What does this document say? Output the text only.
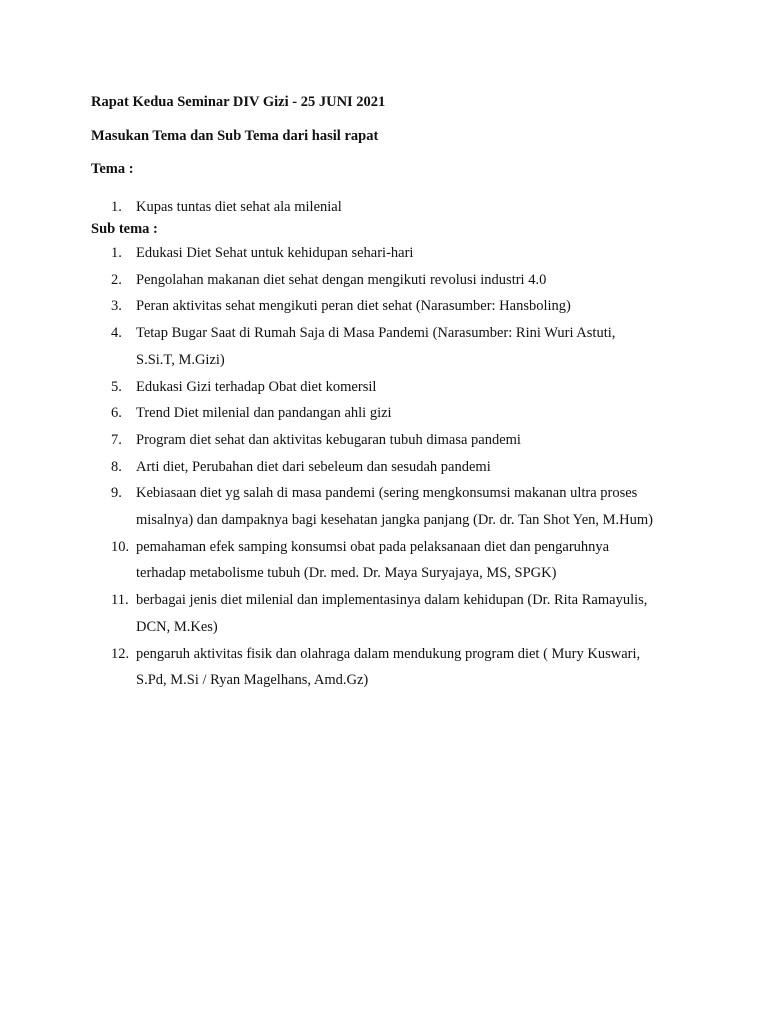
Rapat Kedua Seminar DIV Gizi - 25 JUNI 2021
Masukan Tema dan Sub Tema dari hasil rapat
Tema :
1. Kupas tuntas diet sehat ala milenial
Sub tema :
1. Edukasi Diet Sehat untuk kehidupan sehari-hari
2. Pengolahan makanan diet sehat dengan mengikuti revolusi industri 4.0
3. Peran aktivitas sehat mengikuti peran diet sehat (Narasumber: Hansboling)
4. Tetap Bugar Saat di Rumah Saja di Masa Pandemi (Narasumber: Rini Wuri Astuti,
S.Si.T, M.Gizi)
5. Edukasi Gizi terhadap Obat diet komersil
6. Trend Diet milenial dan pandangan ahli gizi
7. Program diet sehat dan aktivitas kebugaran tubuh dimasa pandemi
8. Arti diet, Perubahan diet dari sebeleum dan sesudah pandemi
9. Kebiasaan diet yg salah di masa pandemi (sering mengkonsumsi makanan ultra proses
misalnya) dan dampaknya bagi kesehatan jangka panjang (Dr. dr. Tan Shot Yen, M.Hum)
10. pemahaman efek samping konsumsi obat pada pelaksanaan diet dan pengaruhnya
terhadap metabolisme tubuh (Dr. med. Dr. Maya Suryajaya, MS, SPGK)
11. berbagai jenis diet milenial dan implementasinya dalam kehidupan (Dr. Rita Ramayulis,
DCN, M.Kes)
12. pengaruh aktivitas fisik dan olahraga dalam mendukung program diet ( Mury Kuswari,
S.Pd, M.Si / Ryan Magelhans, Amd.Gz)
